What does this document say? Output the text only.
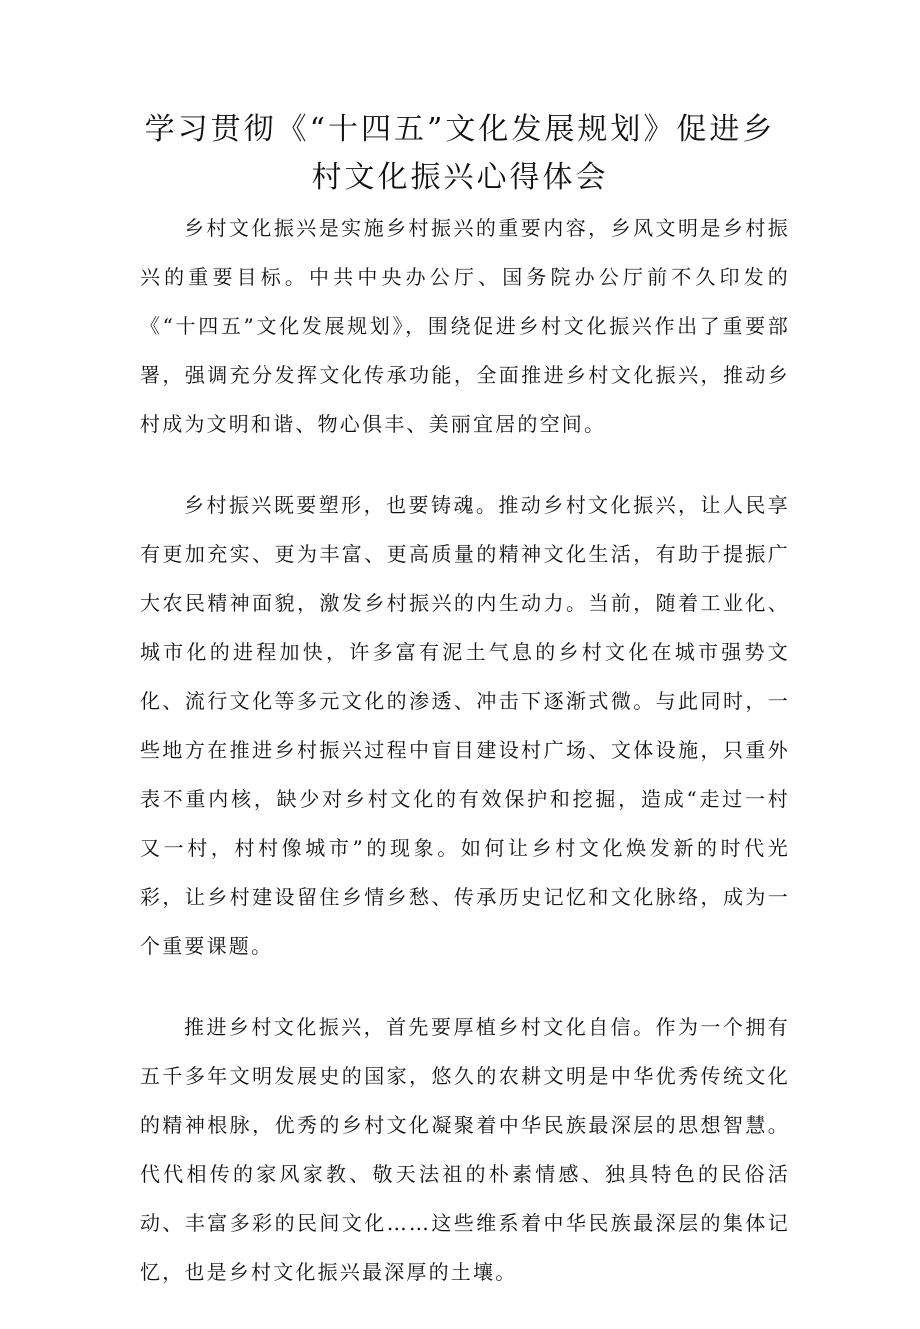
学习贯彻《“十四五”文化发展规划》促进乡村文化振兴心得体会

乡村文化振兴是实施乡村振兴的重要内容，乡风文明是乡村振兴的重要目标。中共中央办公厅、国务院办公厅前不久印发的《“十四五”文化发展规划》，围绕促进乡村文化振兴作出了重要部署，强调充分发挥文化传承功能，全面推进乡村文化振兴，推动乡村成为文明和谐、物心俱丰、美丽宜居的空间。

乡村振兴既要塑形，也要铸魂。推动乡村文化振兴，让人民享有更加充实、更为丰富、更高质量的精神文化生活，有助于提振广大农民精神面貌，激发乡村振兴的内生动力。当前，随着工业化、城市化的进程加快，许多富有泥土气息的乡村文化在城市强势文化、流行文化等多元文化的渗透、冲击下逐渐式微。与此同时，一些地方在推进乡村振兴过程中盲目建设村广场、文体设施，只重外表不重内核，缺少对乡村文化的有效保护和挖掘，造成“走过一村又一村，村村像城市”的现象。如何让乡村文化焕发新的时代光彩，让乡村建设留住乡情乡愁、传承历史记忆和文化脉络，成为一个重要课题。

推进乡村文化振兴，首先要厚植乡村文化自信。作为一个拥有五千多年文明发展史的国家，悠久的农耕文明是中华优秀传统文化的精神根脉，优秀的乡村文化凝聚着中华民族最深层的思想智慧。代代相传的家风家教、敬天法祖的朴素情感、独具特色的民俗活动、丰富多彩的民间文化……这些维系着中华民族最深层的集体记忆，也是乡村文化振兴最深厚的土壤。
